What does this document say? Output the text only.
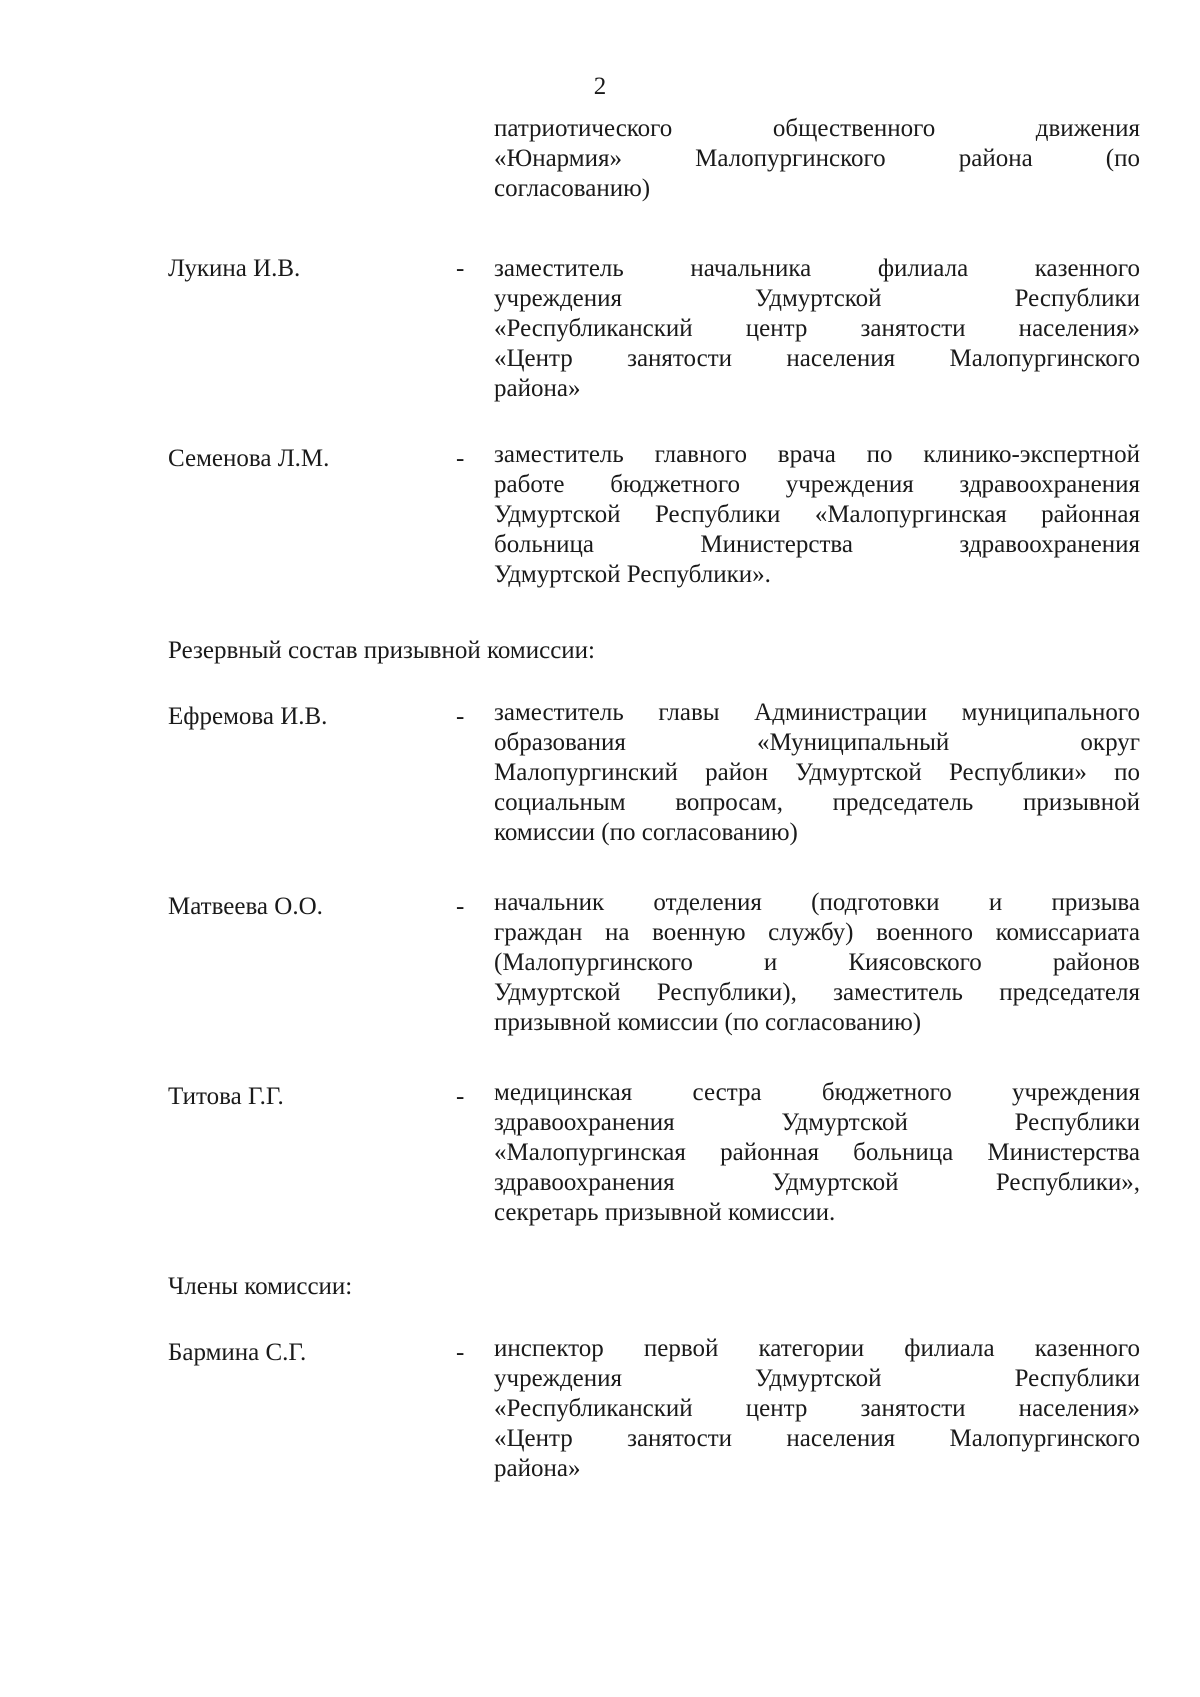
2
патриотического общественного движения
«Юнармия» Малопургинского района (по
согласованию)
Лукина И.В.	-	заместитель начальника филиала казенного
учреждения Удмуртской Республики
«Республиканский центр занятости населения»
«Центр занятости населения Малопургинского
района»
Семенова Л.М.	-	заместитель главного врача по клинико-экспертной
работе бюджетного учреждения здравоохранения
Удмуртской Республики «Малопургинская районная
больница Министерства здравоохранения
Удмуртской Республики».
Резервный состав призывной комиссии:
Ефремова И.В.	-	заместитель главы Администрации муниципального
образования «Муниципальный округ
Малопургинский район Удмуртской Республики» по
социальным вопросам, председатель призывной
комиссии (по согласованию)
Матвеева О.О.	-	начальник отделения (подготовки и призыва
граждан на военную службу) военного комиссариата
(Малопургинского и Киясовского районов
Удмуртской Республики), заместитель председателя
призывной комиссии (по согласованию)
Титова Г.Г.	-	медицинская сестра бюджетного учреждения
здравоохранения Удмуртской Республики
«Малопургинская районная больница Министерства
здравоохранения Удмуртской Республики»,
секретарь призывной комиссии.
Члены комиссии:
Бармина С.Г.	-	инспектор первой категории филиала казенного
учреждения Удмуртской Республики
«Республиканский центр занятости населения»
«Центр занятости населения Малопургинского
района»
